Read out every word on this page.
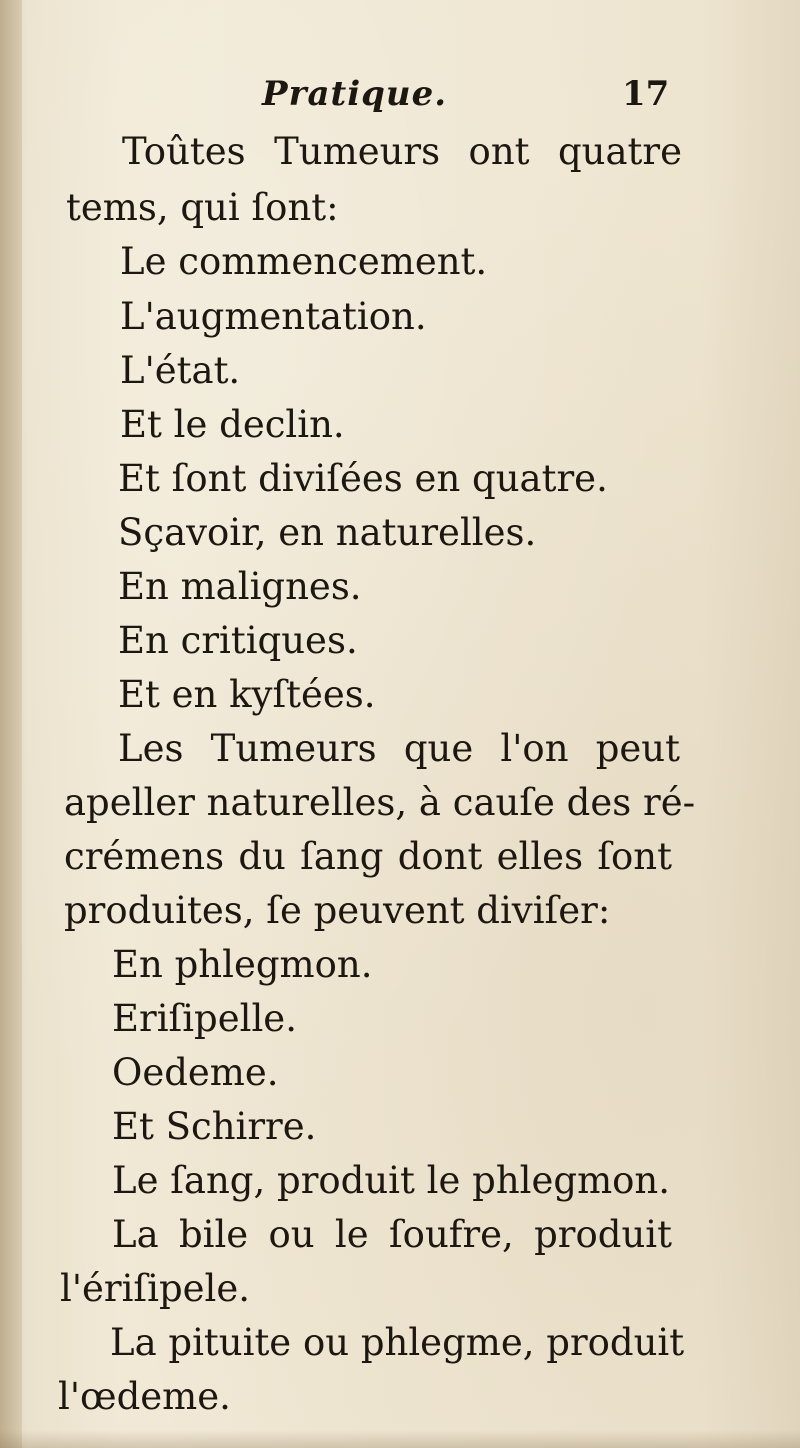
Pratique.	17
Toûtes Tumeurs ont quatre
tems, qui ſont:
Le commencement.
L'augmentation.
L'état.
Et le declin.
Et ſont diviſées en quatre.
Sçavoir, en naturelles.
En malignes.
En critiques.
Et en kyſtées.
Les Tumeurs que l'on peut
apeller naturelles, à cauſe des ré-
crémens du ſang dont elles ſont
produites, ſe peuvent diviſer:
En phlegmon.
Eriſipelle.
Oedeme.
Et Schirre.
Le ſang, produit le phlegmon.
La bile ou le ſoufre, produit
l'ériſipele.
La pituite ou phlegme, produit
l'œdeme.
